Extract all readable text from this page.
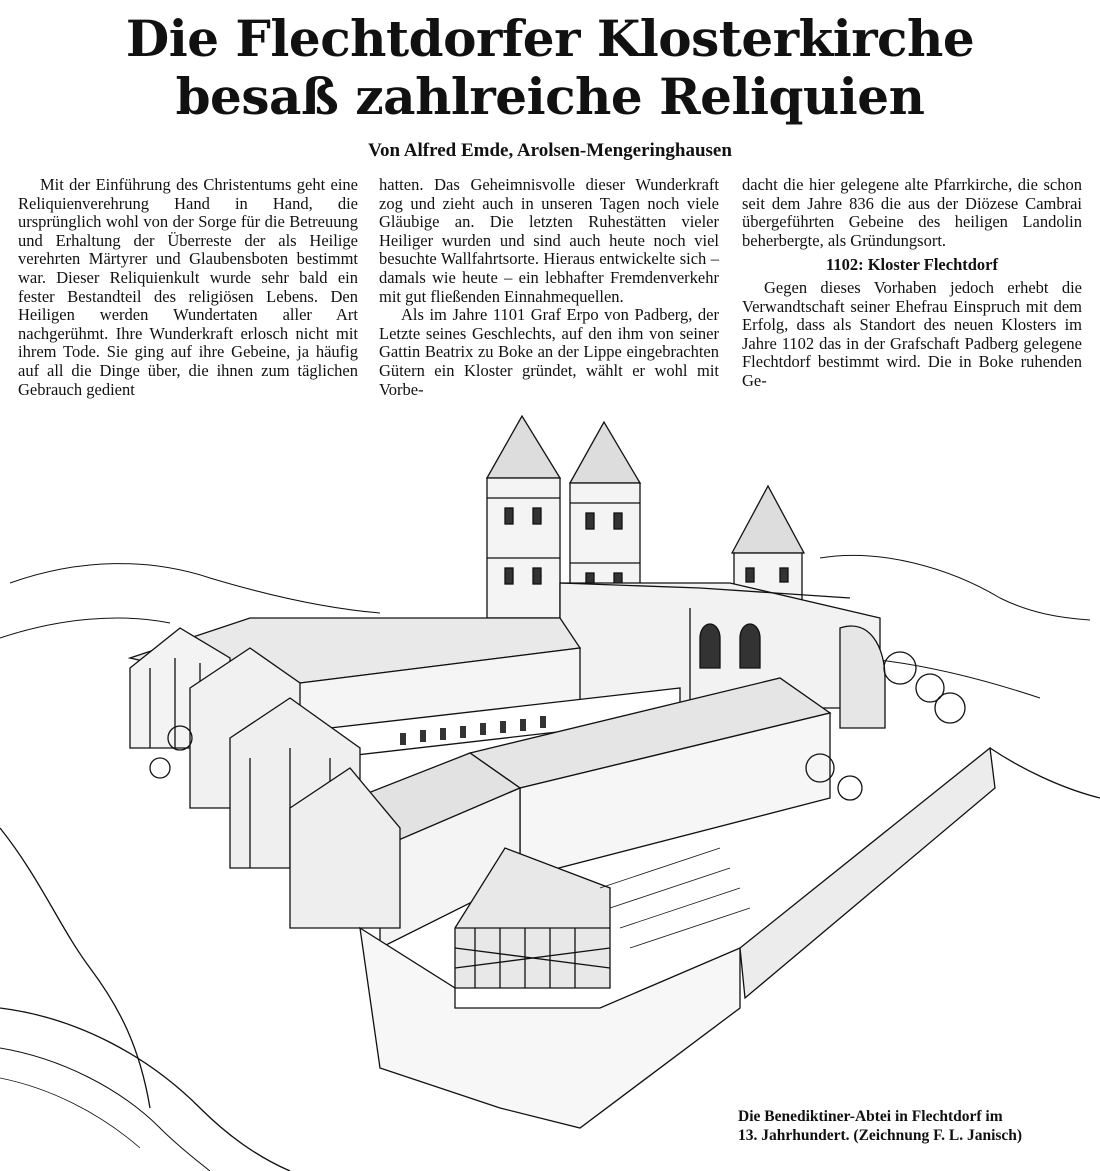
Die Flechtdorfer Klosterkirche
besaß zahlreiche Reliquien

Von Alfred Emde, Arolsen-Mengeringhausen

Mit der Einführung des Christentums geht eine Reliquienverehrung Hand in Hand, die ursprünglich wohl von der Sorge für die Betreuung und Erhaltung der Überreste der als Heilige verehrten Märtyrer und Glaubensboten bestimmt war. Dieser Reliquienkult wurde sehr bald ein fester Bestandteil des religiösen Lebens. Den Heiligen werden Wundertaten aller Art nachgerühmt. Ihre Wunderkraft erlosch nicht mit ihrem Tode. Sie ging auf ihre Gebeine, ja häufig auf all die Dinge über, die ihnen zum täglichen Gebrauch gedient

hatten. Das Geheimnisvolle dieser Wunderkraft zog und zieht auch in unseren Tagen noch viele Gläubige an. Die letzten Ruhestätten vieler Heiliger wurden und sind auch heute noch viel besuchte Wallfahrtsorte. Hieraus entwickelte sich – damals wie heute – ein lebhafter Fremdenverkehr mit gut fließenden Einnahmequellen.

Als im Jahre 1101 Graf Erpo von Padberg, der Letzte seines Geschlechts, auf den ihm von seiner Gattin Beatrix zu Boke an der Lippe eingebrachten Gütern ein Kloster gründet, wählt er wohl mit Vorbe-

dacht die hier gelegene alte Pfarrkirche, die schon seit dem Jahre 836 die aus der Diözese Cambrai übergeführten Gebeine des heiligen Landolin beherbergte, als Gründungsort.

1102: Kloster Flechtdorf

Gegen dieses Vorhaben jedoch erhebt die Verwandtschaft seiner Ehefrau Einspruch mit dem Erfolg, dass als Standort des neuen Klosters im Jahre 1102 das in der Grafschaft Padberg gelegene Flechtdorf bestimmt wird. Die in Boke ruhenden Ge-

Die Benediktiner-Abtei in Flechtdorf im
13. Jahrhundert. (Zeichnung F. L. Janisch)
